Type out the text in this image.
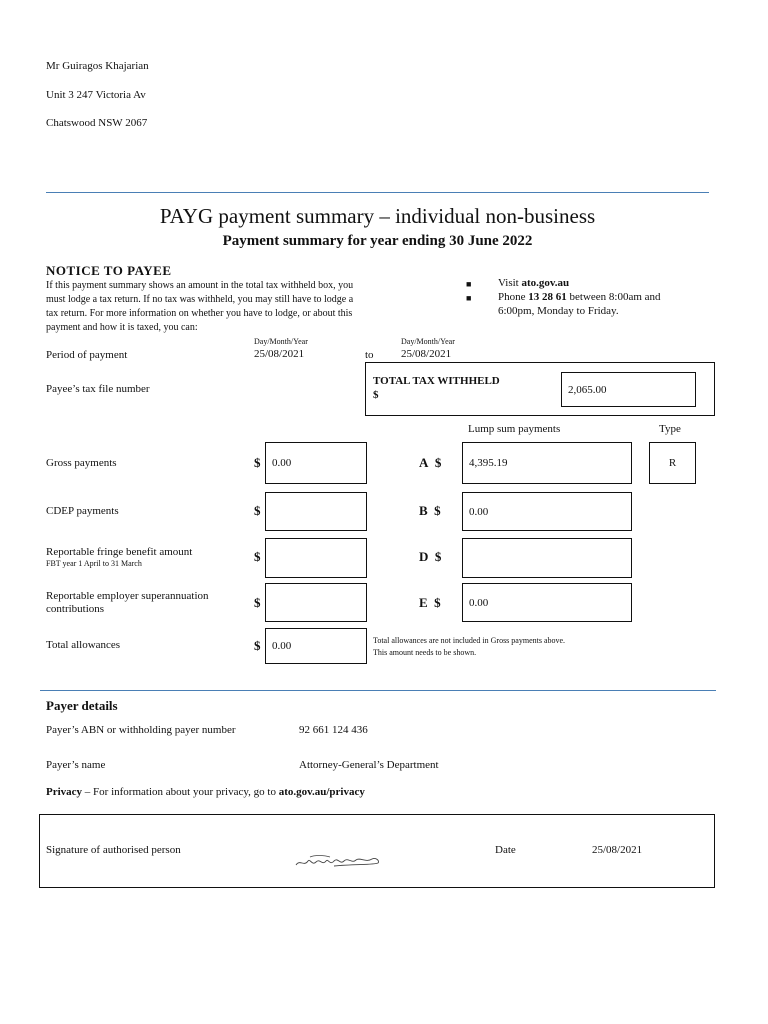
Mr Guiragos Khajarian
Unit 3 247 Victoria Av
Chatswood NSW 2067
PAYG payment summary – individual non-business
Payment summary for year ending 30 June 2022
NOTICE TO PAYEE
If this payment summary shows an amount in the total tax withheld box, you
must lodge a tax return. If no tax was withheld, you may still have to lodge a
tax return. For more information on whether you have to lodge, or about this
payment and how it is taxed, you can:
■ Visit ato.gov.au
■ Phone 13 28 61 between 8:00am and
6:00pm, Monday to Friday.
Day/Month/Year	Day/Month/Year
Period of payment	25/08/2021	to 25/08/2021
Payee’s tax file number
TOTAL TAX WITHHELD
$	2,065.00
Lump sum payments	Type
Gross payments	$ 0.00	A $	4,395.19	R
CDEP payments	$	B $	0.00
Reportable fringe benefit amount
FBT year 1 April to 31 March	$	D $
Reportable employer superannuation
contributions	$	E $	0.00
Total allowances	$ 0.00	Total allowances are not included in Gross payments above.
This amount needs to be shown.
Payer details
Payer’s ABN or withholding payer number	92 661 124 436
Payer’s name	Attorney-General’s Department
Privacy – For information about your privacy, go to ato.gov.au/privacy
Signature of authorised person	Date	25/08/2021
